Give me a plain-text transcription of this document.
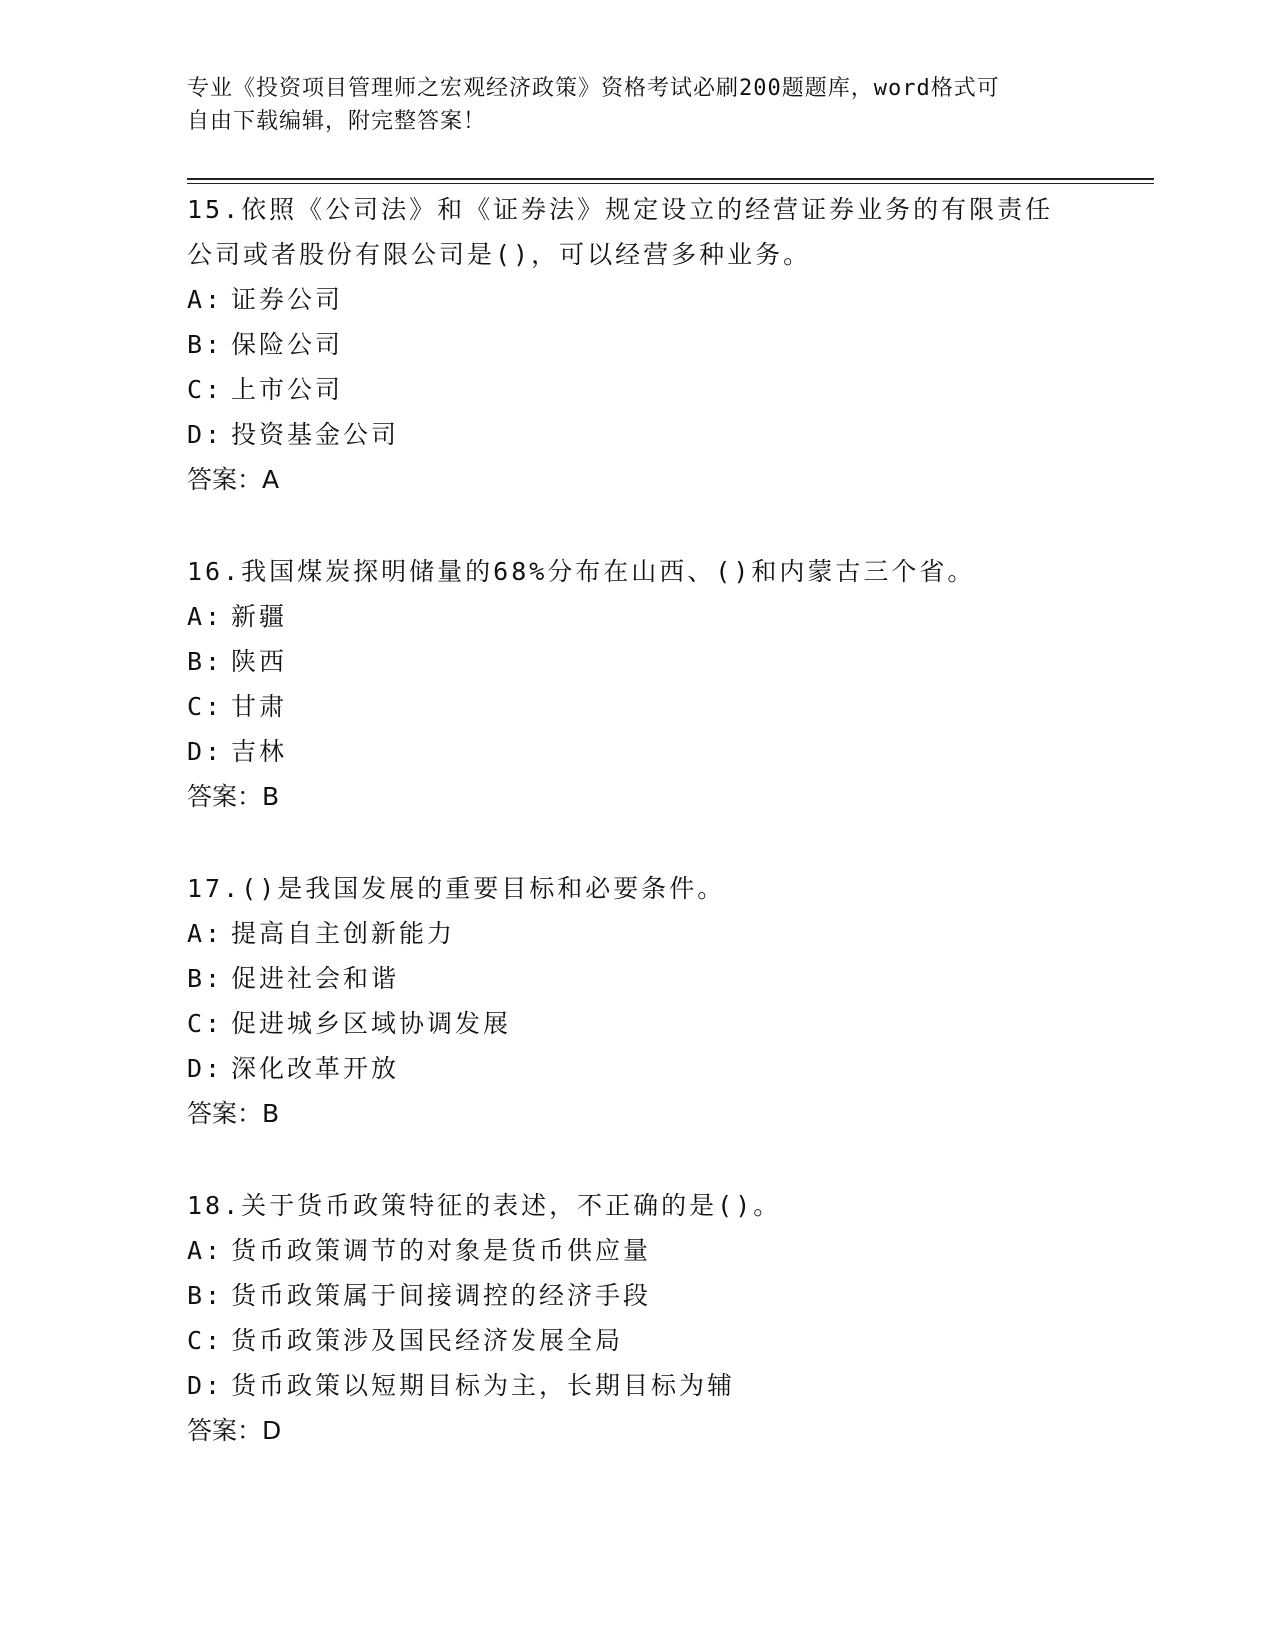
专业《投资项目管理师之宏观经济政策》资格考试必刷200题题库，word格式可
自由下载编辑，附完整答案！

15.依照《公司法》和《证券法》规定设立的经营证券业务的有限责任

公司或者股份有限公司是()，可以经营多种业务。

A: 证券公司

B: 保险公司

C: 上市公司

D: 投资基金公司

答案：A

16.我国煤炭探明储量的68%分布在山西、()和内蒙古三个省。

A: 新疆

B: 陕西

C: 甘肃

D: 吉林

答案：B

17.()是我国发展的重要目标和必要条件。

A: 提高自主创新能力

B: 促进社会和谐

C: 促进城乡区域协调发展

D: 深化改革开放

答案：B

18.关于货币政策特征的表述，不正确的是()。

A: 货币政策调节的对象是货币供应量

B: 货币政策属于间接调控的经济手段

C: 货币政策涉及国民经济发展全局

D: 货币政策以短期目标为主，长期目标为辅

答案：D
